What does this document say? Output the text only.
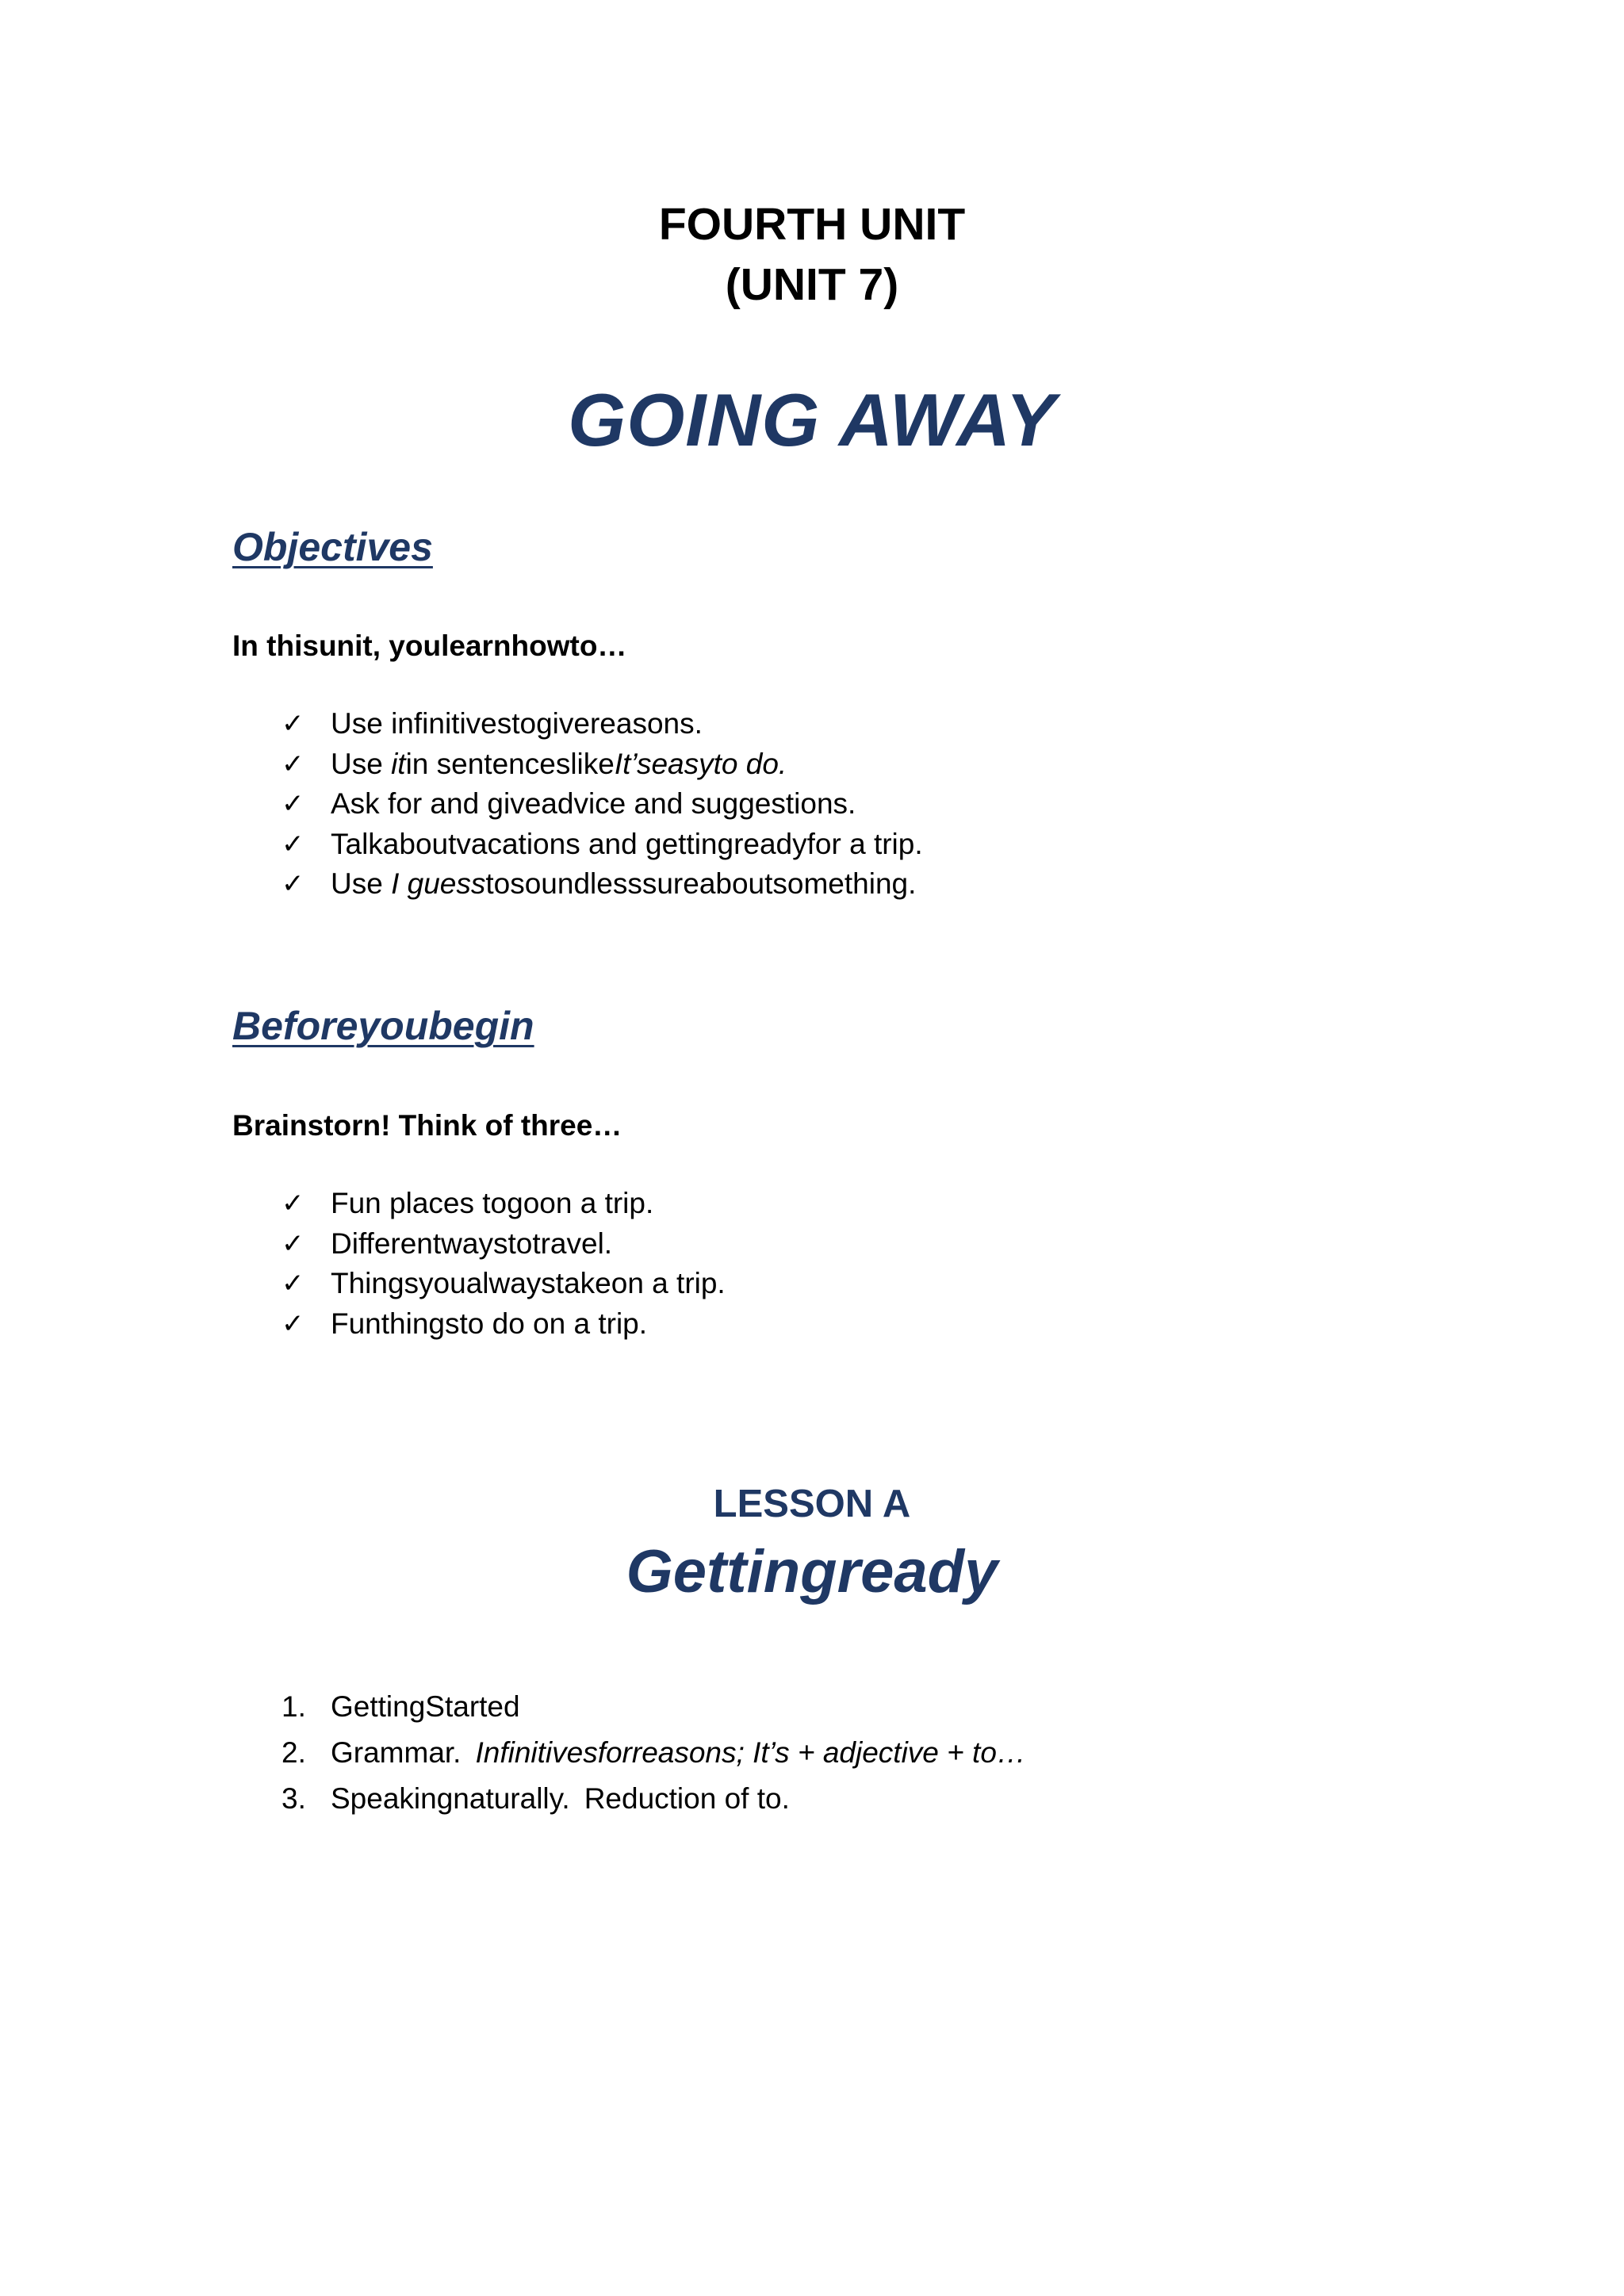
FOURTH UNIT
(UNIT 7)
GOING AWAY
Objectives

In thisunit, youlearnhowto…

✓ Use infinitivestogivereasons.
✓ Use itin sentenceslikeIt’seasyto do.
✓ Ask for and giveadvice and suggestions.
✓ Talkaboutvacations and gettingreadyfor a trip.
✓ Use I guesstosoundlesssureaboutsomething.
Beforeyoubegin

Brainstorn! Think of three…

✓ Fun places togoon a trip.
✓ Differentwaystotravel.
✓ Thingsyoualwaystakeon a trip.
✓ Funthingsto do on a trip.
LESSON A
Gettingready
1. GettingStarted
2. Grammar. Infinitivesforreasons; It’s + adjective + to…
3. Speakingnaturally. Reduction of to.
